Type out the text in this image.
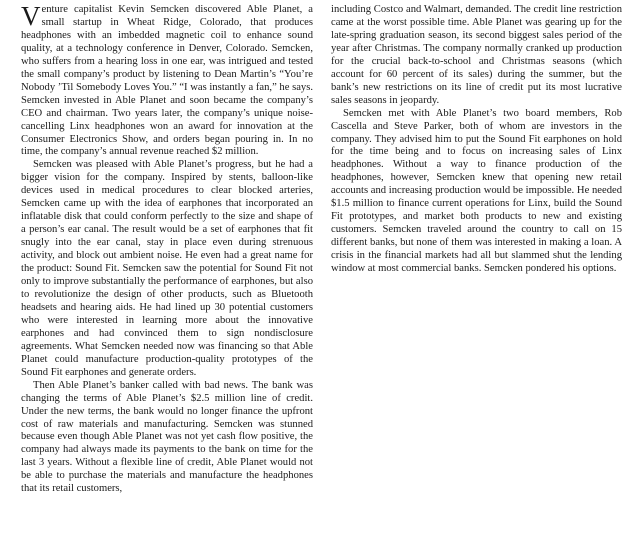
Venture capitalist Kevin Semcken discovered Able Planet, a small startup in Wheat Ridge, Colorado, that produces headphones with an imbedded magnetic coil to enhance sound quality, at a technology conference in Denver, Colorado. Semcken, who suffers from a hearing loss in one ear, was intrigued and tested the small company’s product by listening to Dean Martin’s “You’re Nobody ’Til Somebody Loves You.” “I was instantly a fan,” he says. Semcken invested in Able Planet and soon became the company’s CEO and chairman. Two years later, the company’s unique noise-cancelling Linx headphones won an award for innovation at the Consumer Electronics Show, and orders began pouring in. In no time, the company’s annual revenue reached $2 million.

Semcken was pleased with Able Planet’s progress, but he had a bigger vision for the company. Inspired by stents, balloon-like devices used in medical procedures to clear blocked arteries, Semcken came up with the idea of earphones that incorporated an inflatable disk that could conform perfectly to the size and shape of a person’s ear canal. The result would be a set of earphones that fit snugly into the ear canal, stay in place even during strenuous activity, and block out ambient noise. He even had a great name for the product: Sound Fit. Semcken saw the potential for Sound Fit not only to improve substantially the performance of earphones, but also to revolutionize the design of other products, such as Bluetooth headsets and hearing aids. He had lined up 30 potential customers who were interested in learning more about the innovative earphones and had convinced them to sign nondisclosure agreements. What Semcken needed now was financing so that Able Planet could manufacture production-quality prototypes of the Sound Fit earphones and generate orders.

Then Able Planet’s banker called with bad news. The bank was changing the terms of Able Planet’s $2.5 million line of credit. Under the new terms, the bank would no longer finance the upfront cost of raw materials and manufacturing. Semcken was stunned because even though Able Planet was not yet cash flow positive, the company had always made its payments to the bank on time for the last 3 years. Without a flexible line of credit, Able Planet would not be able to purchase the materials and manufacture the headphones that its retail customers,

including Costco and Walmart, demanded. The credit line restriction came at the worst possible time. Able Planet was gearing up for the late-spring graduation season, its second biggest sales period of the year after Christmas. The company normally cranked up production for the crucial back-to-school and Christmas seasons (which account for 60 percent of its sales) during the summer, but the bank’s new restrictions on its line of credit put its most lucrative sales seasons in jeopardy.

Semcken met with Able Planet’s two board members, Rob Cascella and Steve Parker, both of whom are investors in the company. They advised him to put the Sound Fit earphones on hold for the time being and to focus on increasing sales of Linx headphones. Without a way to finance production of the headphones, however, Semcken knew that opening new retail accounts and increasing production would be impossible. He needed $1.5 million to finance current operations for Linx, build the Sound Fit prototypes, and market both products to new and existing customers. Semcken traveled around the country to call on 15 different banks, but none of them was interested in making a loan. A crisis in the financial markets had all but slammed shut the lending window at most commercial banks. Semcken pondered his options.
